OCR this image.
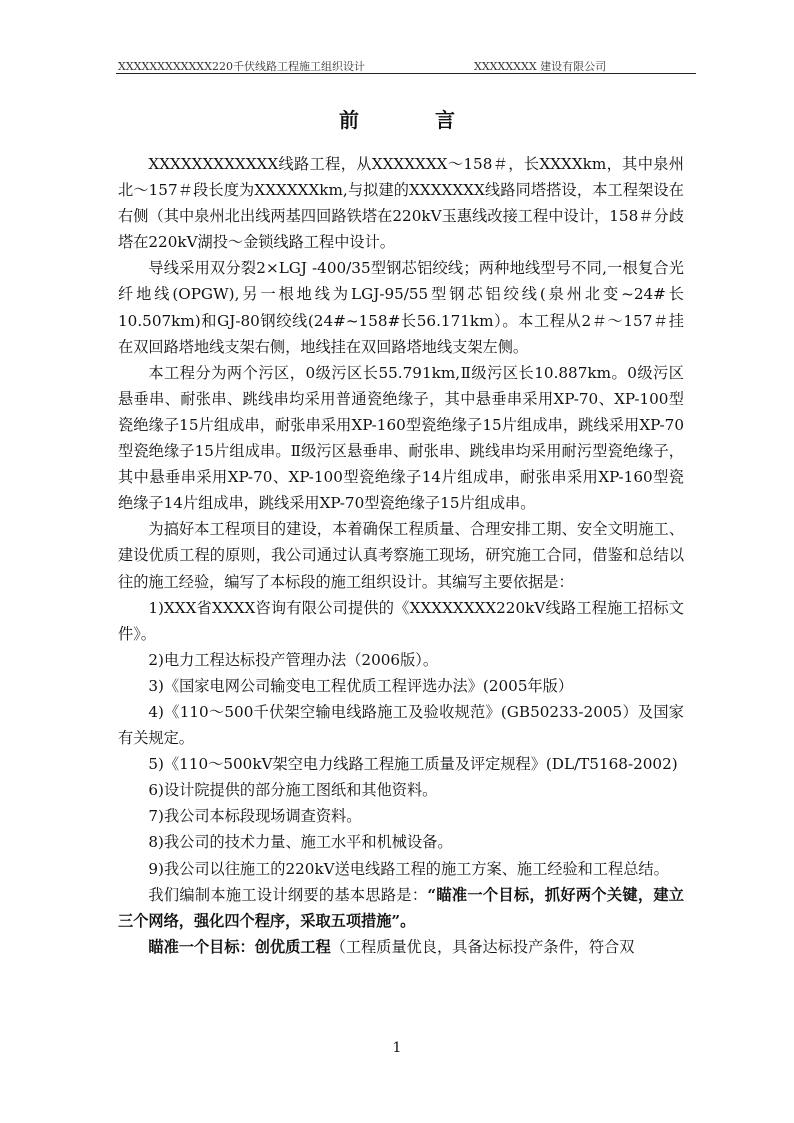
XXXXXXXXXXXX220千伏线路工程施工组织设计	XXXXXXXX 建设有限公司
前　言

XXXXXXXXXXXX线路工程，从XXXXXXX～158＃，长XXXXkm，其中泉州北～157＃段长度为XXXXXXkm,与拟建的XXXXXXX线路同塔搭设，本工程架设在右侧（其中泉州北出线两基四回路铁塔在220kV玉惠线改接工程中设计，158＃分歧塔在220kV湖投～金锁线路工程中设计。

导线采用双分裂2×LGJ -400/35型钢芯铝绞线；两种地线型号不同,一根复合光纤地线(OPGW),另一根地线为LGJ-95/55型钢芯铝绞线(泉州北变~24#长10.507km)和GJ-80钢绞线(24#~158#长56.171km）。本工程从2＃～157＃挂在双回路塔地线支架右侧，地线挂在双回路塔地线支架左侧。

本工程分为两个污区，0级污区长55.791km,Ⅱ级污区长10.887km。0级污区悬垂串、耐张串、跳线串均采用普通瓷绝缘子，其中悬垂串采用XP-70、XP-100型瓷绝缘子15片组成串，耐张串采用XP-160型瓷绝缘子15片组成串，跳线采用XP-70型瓷绝缘子15片组成串。Ⅱ级污区悬垂串、耐张串、跳线串均采用耐污型瓷绝缘子，其中悬垂串采用XP-70、XP-100型瓷绝缘子14片组成串，耐张串采用XP-160型瓷绝缘子14片组成串，跳线采用XP-70型瓷绝缘子15片组成串。

为搞好本工程项目的建设，本着确保工程质量、合理安排工期、安全文明施工、建设优质工程的原则，我公司通过认真考察施工现场，研究施工合同，借鉴和总结以往的施工经验，编写了本标段的施工组织设计。其编写主要依据是：

1)XXX省XXXX咨询有限公司提供的《XXXXXXXX220kV线路工程施工招标文件》。

2)电力工程达标投产管理办法（2006版）。

3)《国家电网公司输变电工程优质工程评选办法》(2005年版）

4)《110～500千伏架空输电线路施工及验收规范》(GB50233-2005）及国家有关规定。

5)《110～500kV架空电力线路工程施工质量及评定规程》(DL/T5168-2002)

6)设计院提供的部分施工图纸和其他资料。

7)我公司本标段现场调查资料。

8)我公司的技术力量、施工水平和机械设备。

9)我公司以往施工的220kV送电线路工程的施工方案、施工经验和工程总结。

我们编制本施工设计纲要的基本思路是：“瞄准一个目标，抓好两个关键，建立三个网络，强化四个程序，采取五项措施”。

瞄准一个目标：创优质工程（工程质量优良，具备达标投产条件，符合双

1
